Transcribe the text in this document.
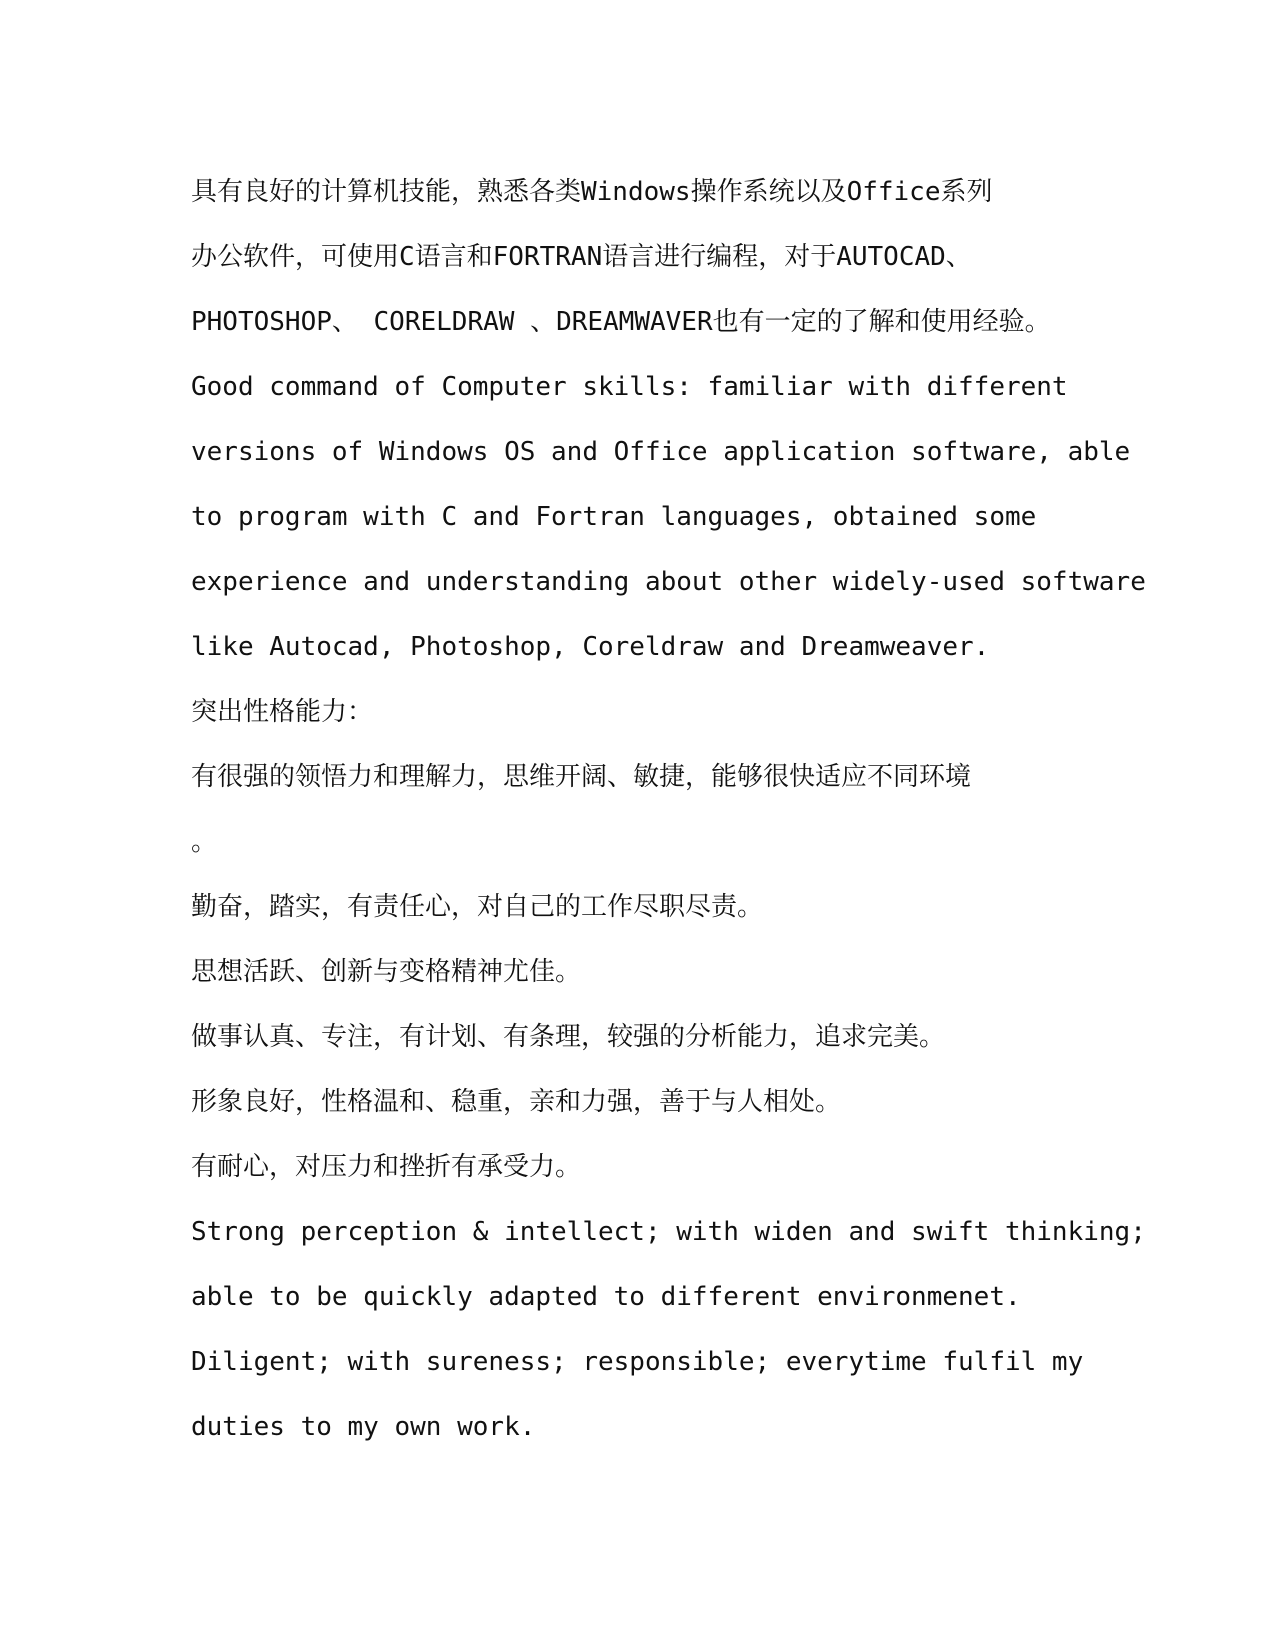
具有良好的计算机技能，熟悉各类Windows操作系统以及Office系列
办公软件，可使用C语言和FORTRAN语言进行编程，对于AUTOCAD、
PHOTOSHOP、 CORELDRAW 、DREAMWAVER也有一定的了解和使用经验。
Good command of Computer skills: familiar with different
versions of Windows OS and Office application software, able
to program with C and Fortran languages, obtained some
experience and understanding about other widely-used software
like Autocad, Photoshop, Coreldraw and Dreamweaver.
突出性格能力：
有很强的领悟力和理解力，思维开阔、敏捷，能够很快适应不同环境
。
勤奋，踏实，有责任心，对自己的工作尽职尽责。
思想活跃、创新与变格精神尤佳。
做事认真、专注，有计划、有条理，较强的分析能力，追求完美。
形象良好，性格温和、稳重，亲和力强，善于与人相处。
有耐心，对压力和挫折有承受力。
Strong perception & intellect; with widen and swift thinking;
able to be quickly adapted to different environmenet.
Diligent; with sureness; responsible; everytime fulfil my
duties to my own work.
